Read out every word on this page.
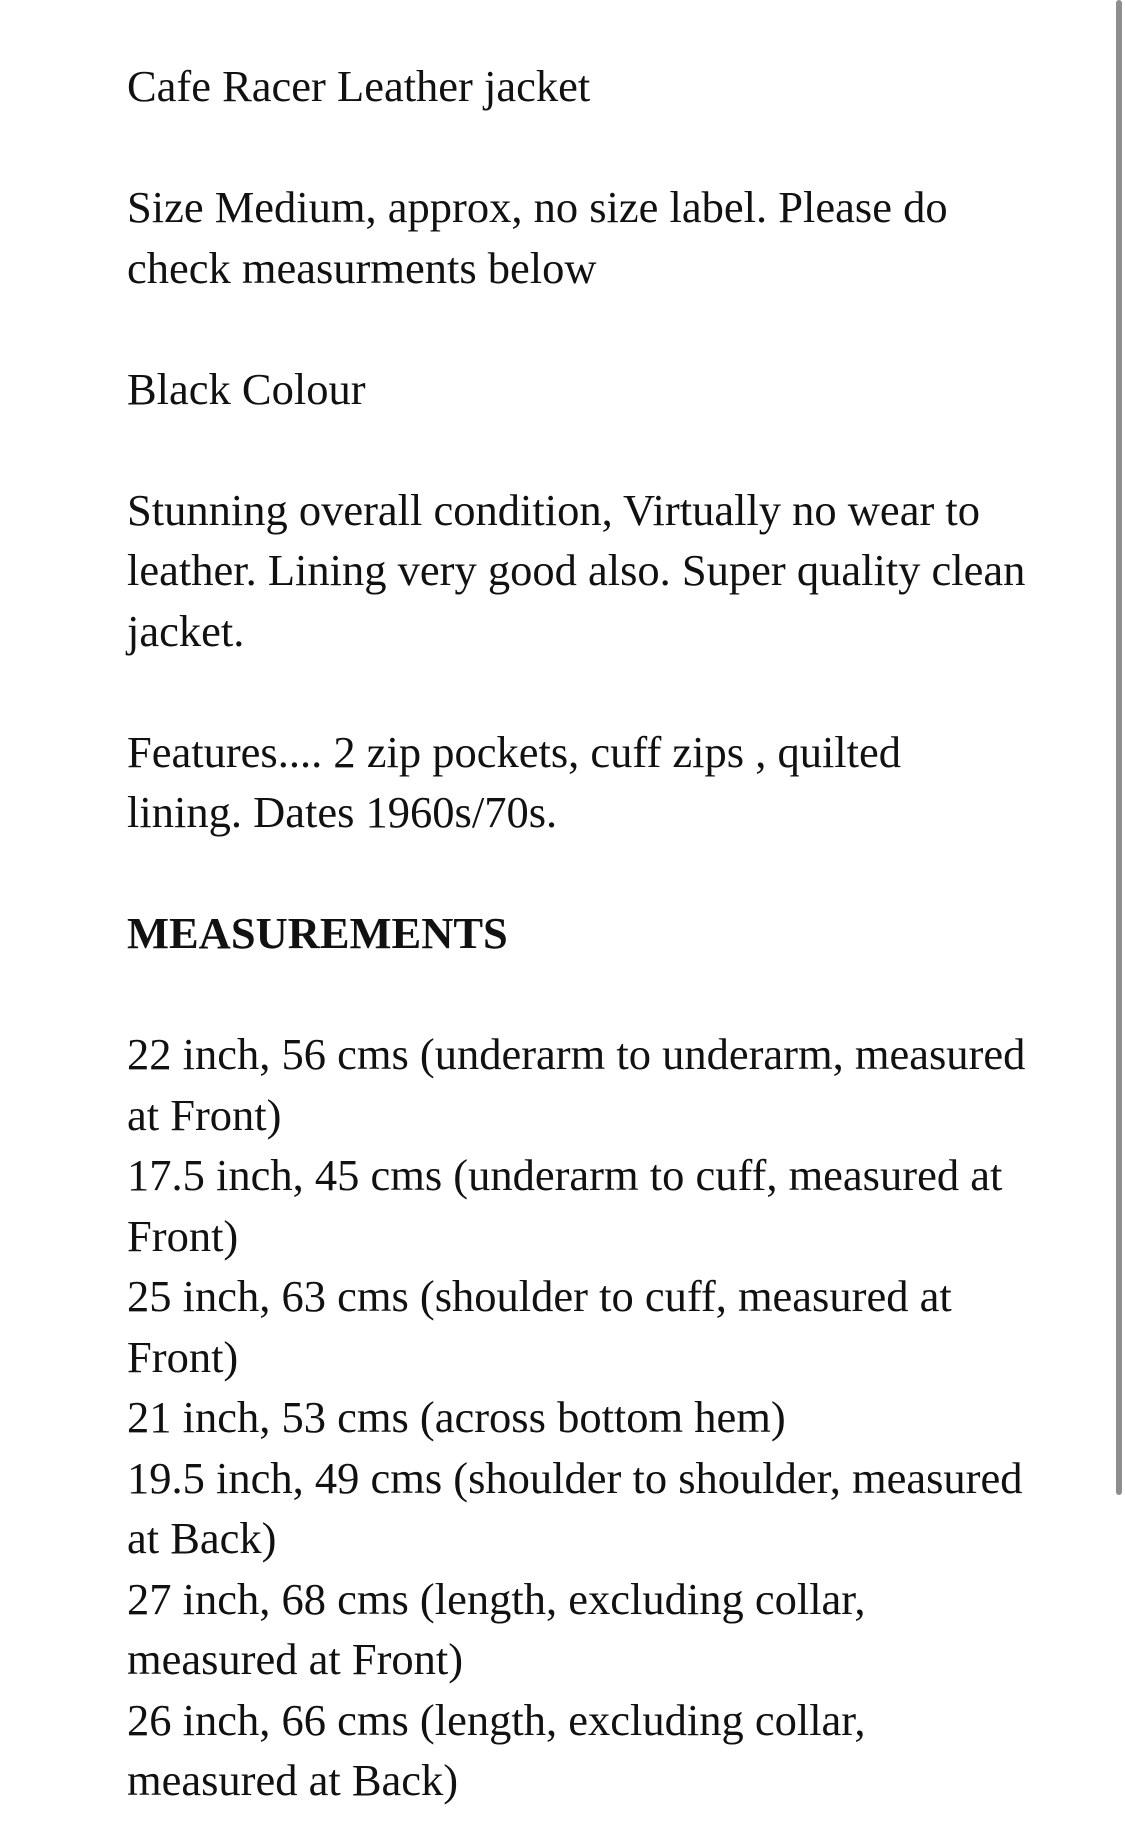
Cafe Racer Leather jacket

Size Medium, approx, no size label. Please do check measurments below

Black Colour

Stunning overall condition, Virtually no wear to leather. Lining very good also. Super quality clean jacket.

Features.... 2 zip pockets, cuff zips , quilted lining. Dates 1960s/70s.

MEASUREMENTS

22 inch, 56 cms (underarm to underarm, measured at Front)

17.5 inch, 45 cms (underarm to cuff, measured at Front)

25 inch, 63 cms (shoulder to cuff, measured at Front)

21 inch, 53 cms (across bottom hem)

19.5 inch, 49 cms (shoulder to shoulder, measured at Back)

27 inch, 68 cms (length, excluding collar, measured at Front)

26 inch, 66 cms (length, excluding collar, measured at Back)
